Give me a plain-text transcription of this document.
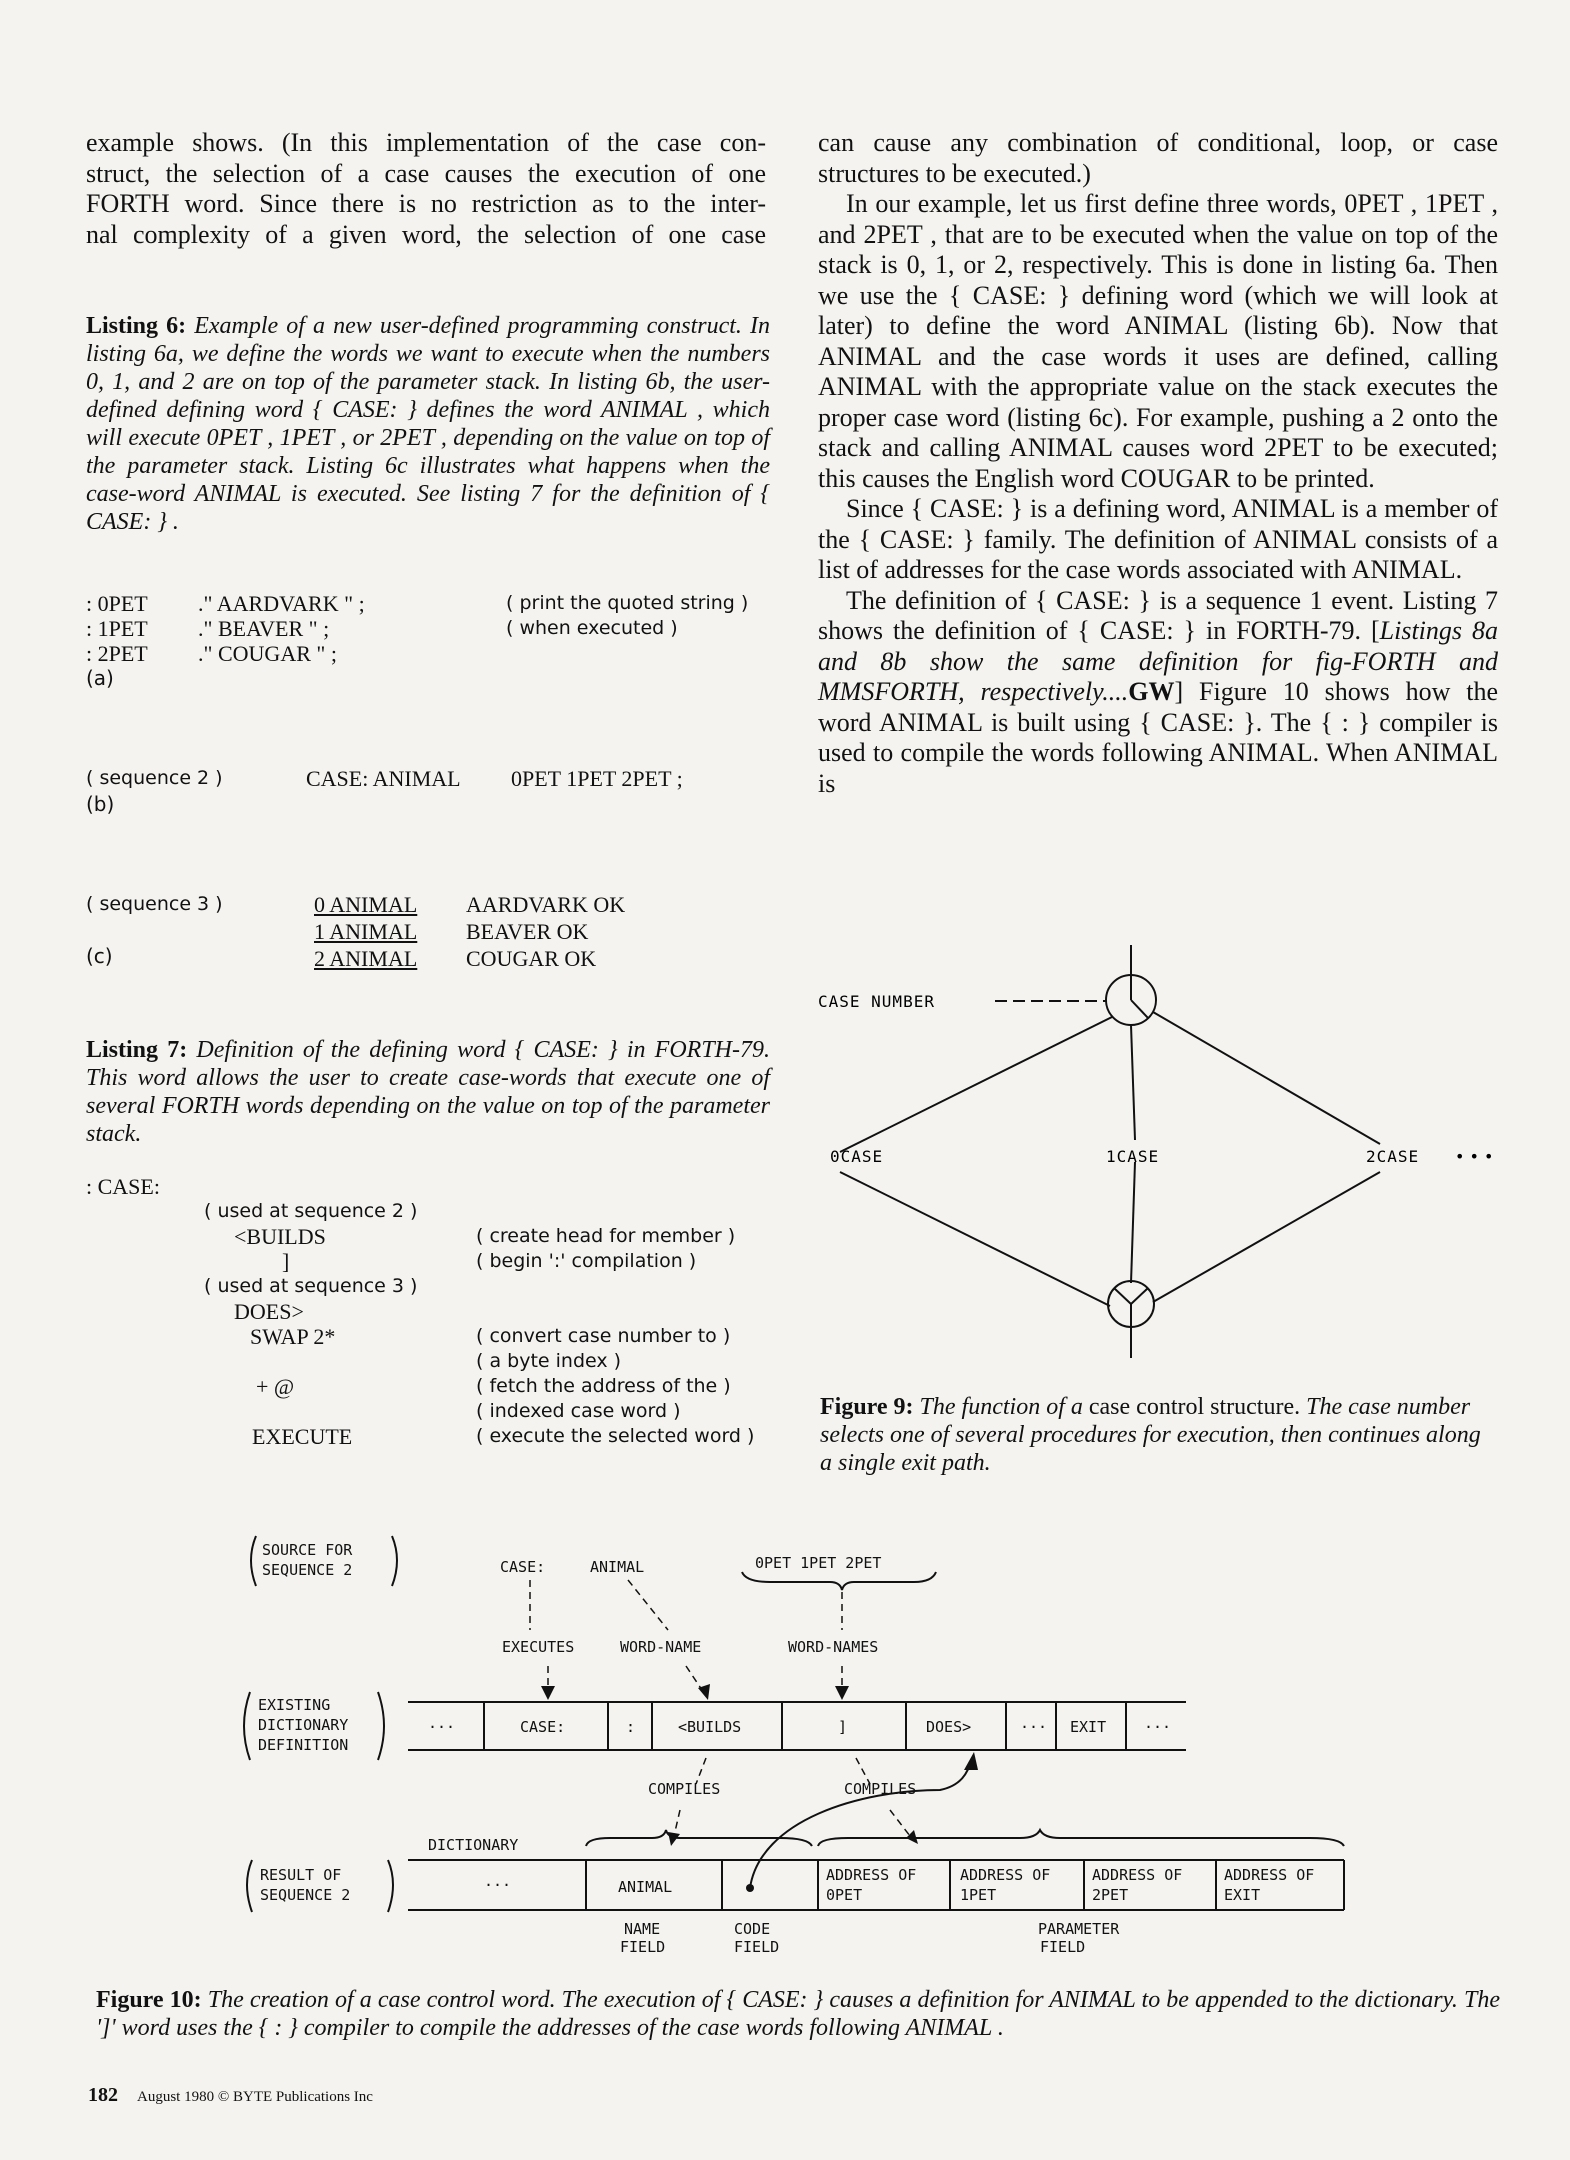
example shows. (In this implementation of the case con-

struct, the selection of a case causes the execution of one

FORTH word. Since there is no restriction as to the inter-

nal complexity of a given word, the selection of one case

can cause any combination of conditional, loop, or case

structures to be executed.)

In our example, let us first define three words, 0PET , 1PET , and 2PET , that are to be executed when the value on top of the stack is 0, 1, or 2, respectively. This is done in listing 6a. Then we use the { CASE: } defining word (which we will look at later) to define the word ANIMAL (listing 6b). Now that ANIMAL and the case words it uses are defined, calling ANIMAL with the appropriate value on the stack executes the proper case word (listing 6c). For example, pushing a 2 onto the stack and calling ANIMAL causes word 2PET to be executed; this causes the English word COUGAR to be printed.

Since { CASE: } is a defining word, ANIMAL is a member of the { CASE: } family. The definition of ANIMAL consists of a list of addresses for the case words associated with ANIMAL.

The definition of { CASE: } is a sequence 1 event. Listing 7 shows the definition of { CASE: } in FORTH-79. [Listings 8a and 8b show the same definition for fig-FORTH and MMSFORTH, respectively....GW] Figure 10 shows how the word ANIMAL is built using { CASE: }. The { : } compiler is used to compile the words following ANIMAL. When ANIMAL is

Listing 6: Example of a new user-defined programming construct. In listing 6a, we define the words we want to execute when the numbers 0, 1, and 2 are on top of the parameter stack. In listing 6b, the user-defined defining word { CASE: } defines the word ANIMAL , which will execute 0PET , 1PET , or 2PET , depending on the value on top of the parameter stack. Listing 6c illustrates what happens when the case-word ANIMAL is executed. See listing 7 for the definition of { CASE: } .
: 0PET ." AARDVARK " ;	( print the quoted string )
: 1PET ." BEAVER " ;	( when executed )
: 2PET ." COUGAR " ;
(a)
( sequence 2 )	CASE: ANIMAL 0PET 1PET 2PET ;
(b)
( sequence 3 )
(c)
0 ANIMAL AARDVARK OK
1 ANIMAL BEAVER OK
2 ANIMAL COUGAR OK
Listing 7: Definition of the defining word { CASE: } in FORTH-79. This word allows the user to create case-words that execute one of several FORTH words depending on the value on top of the parameter stack.
: CASE:
( used at sequence 2 )
<BUILDS	( create head for member )
]	( begin ':' compilation )
( used at sequence 3 )
DOES>
SWAP 2*	( convert case number to )
( a byte index )
+ @	( fetch the address of the )
( indexed case word )
EXECUTE	( execute the selected word )
CASE NUMBER
0CASE	1CASE	2CASE • • •
Figure 9: The function of a case control structure. The case number selects one of several procedures for execution, then continues along a single exit path.
SOURCE FOR
SEQUENCE 2
EXISTING
DICTIONARY
DEFINITION
RESULT OF
SEQUENCE 2
CASE:	ANIMAL	0PET 1PET 2PET
EXECUTES	WORD-NAME	WORD-NAMES
···	CASE:	:	<BUILDS	]	DOES>	··· EXIT	···
COMPILES	COMPILES
DICTIONARY
···	ANIMAL
ADDRESS OF
0PET
ADDRESS OF
1PET
ADDRESS OF
2PET
ADDRESS OF
EXIT
NAME
FIELD
CODE
FIELD
PARAMETER
FIELD
Figure 10: The creation of a case control word. The execution of { CASE: } causes a definition for ANIMAL to be appended to the dictionary. The ']' word uses the { : } compiler to compile the addresses of the case words following ANIMAL .
182 August 1980 © BYTE Publications Inc
